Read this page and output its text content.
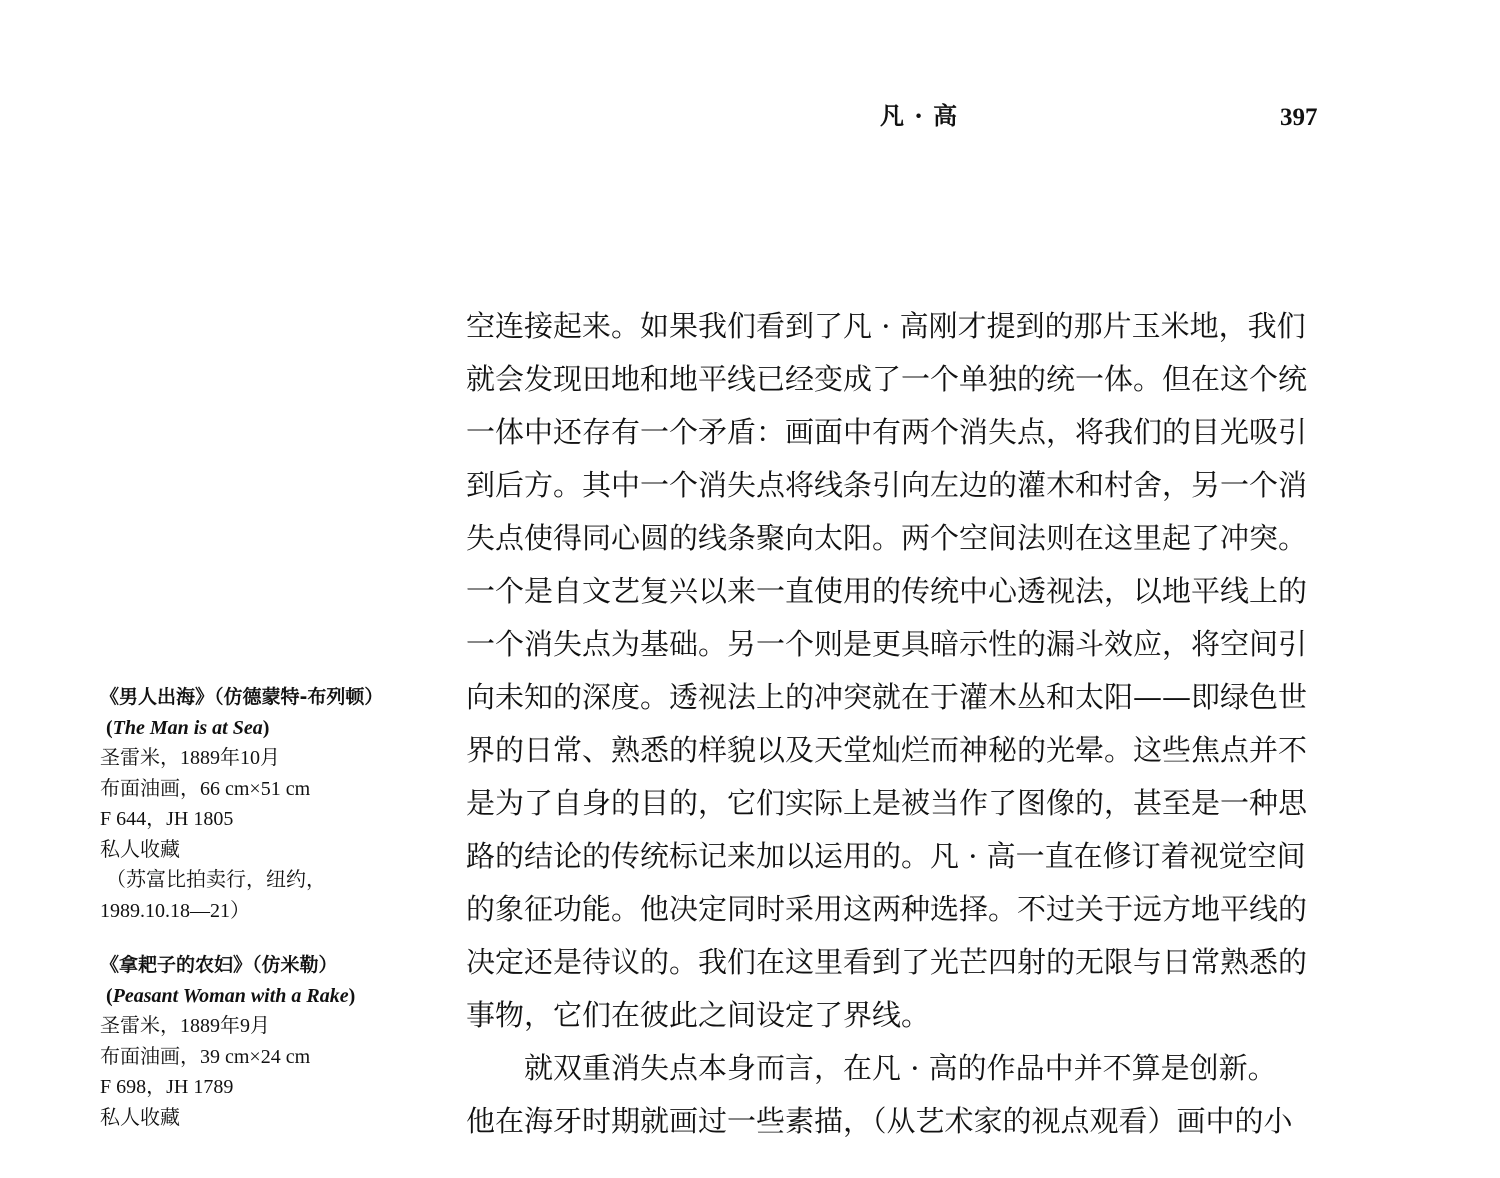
凡 · 高	397
《男人出海》（仿德蒙特-布列顿）
(The Man is at Sea)
圣雷米，1889年10月
布面油画，66 cm×51 cm
F 644，JH 1805
私人收藏
（苏富比拍卖行，纽约，
1989.10.18—21）
《拿耙子的农妇》（仿米勒）
(Peasant Woman with a Rake)
圣雷米，1889年9月
布面油画，39 cm×24 cm
F 698，JH 1789
私人收藏
空连接起来。如果我们看到了凡 · 高刚才提到的那片玉米地，我们
就会发现田地和地平线已经变成了一个单独的统一体。但在这个统
一体中还存有一个矛盾：画面中有两个消失点，将我们的目光吸引
到后方。其中一个消失点将线条引向左边的灌木和村舍，另一个消
失点使得同心圆的线条聚向太阳。两个空间法则在这里起了冲突。
一个是自文艺复兴以来一直使用的传统中心透视法，以地平线上的
一个消失点为基础。另一个则是更具暗示性的漏斗效应，将空间引
向未知的深度。透视法上的冲突就在于灌木丛和太阳——即绿色世
界的日常、熟悉的样貌以及天堂灿烂而神秘的光晕。这些焦点并不
是为了自身的目的，它们实际上是被当作了图像的，甚至是一种思
路的结论的传统标记来加以运用的。凡 · 高一直在修订着视觉空间
的象征功能。他决定同时采用这两种选择。不过关于远方地平线的
决定还是待议的。我们在这里看到了光芒四射的无限与日常熟悉的
事物，它们在彼此之间设定了界线。
就双重消失点本身而言，在凡 · 高的作品中并不算是创新。
他在海牙时期就画过一些素描，（从艺术家的视点观看）画中的小
